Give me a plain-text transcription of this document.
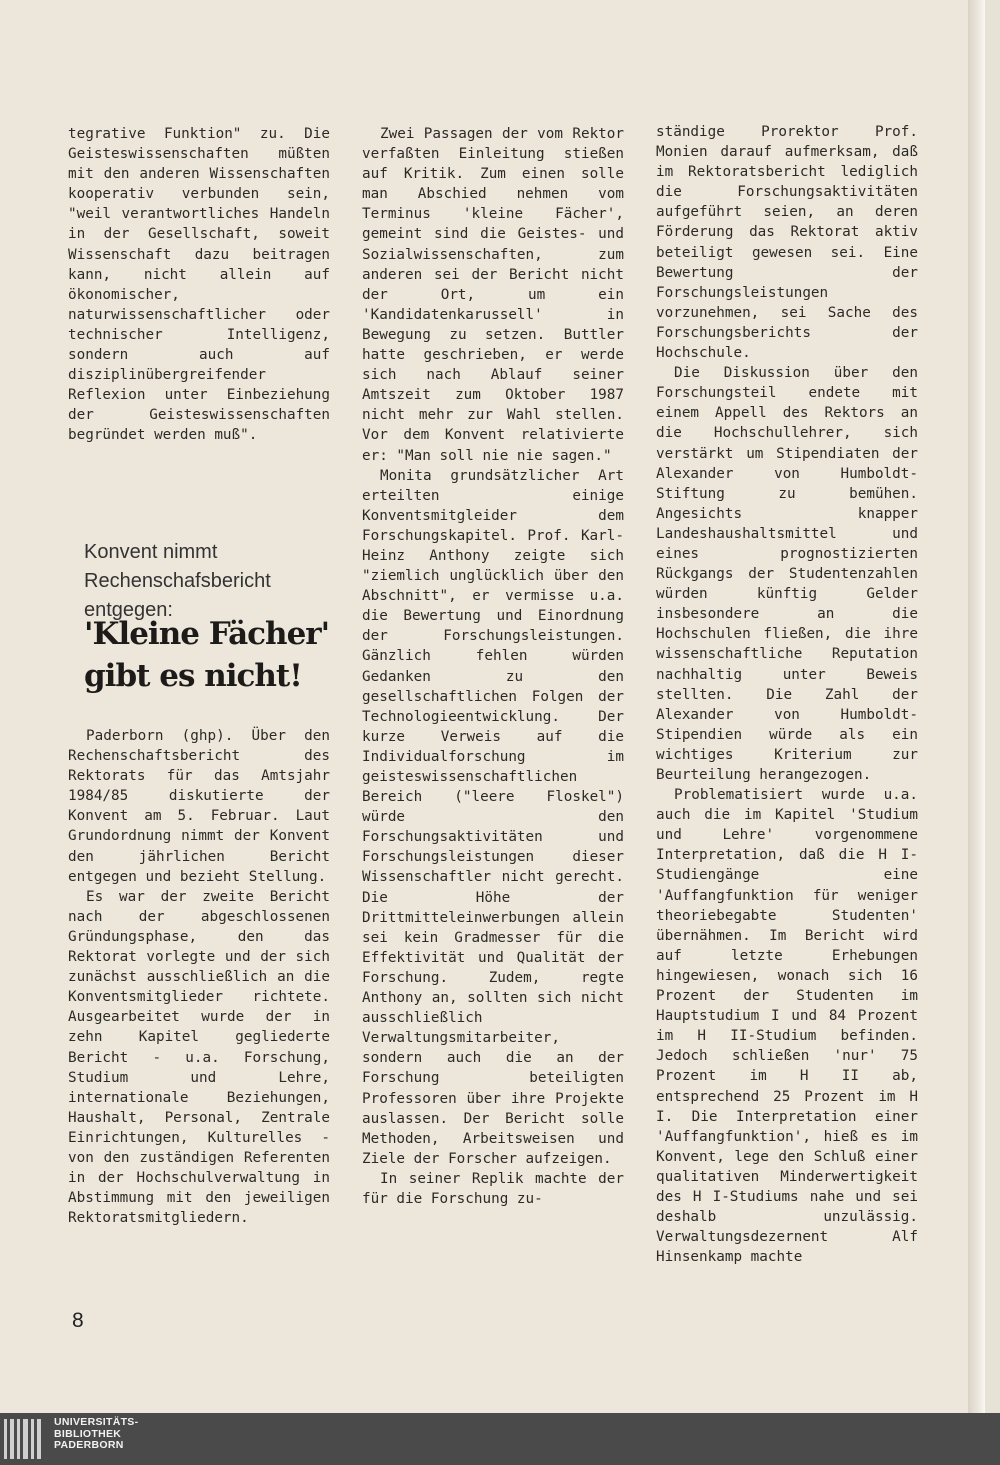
tegrative Funktion" zu. Die Geisteswissenschaften müßten mit den anderen Wissenschaften kooperativ verbunden sein, "weil verantwortliches Handeln in der Gesellschaft, soweit Wissenschaft dazu beitragen kann, nicht allein auf ökonomischer, naturwissenschaftlicher oder technischer Intelligenz, sondern auch auf disziplinübergreifender Reflexion unter Einbeziehung der Geisteswissenschaften begründet werden muß".

Konvent nimmt Rechenschafsbericht entgegen:
'Kleine Fächer' gibt es nicht!

Paderborn (ghp). Über den Rechenschaftsbericht des Rektorats für das Amtsjahr 1984/85 diskutierte der Konvent am 5. Februar. Laut Grundordnung nimmt der Konvent den jährlichen Bericht entgegen und bezieht Stellung.

Es war der zweite Bericht nach der abgeschlossenen Gründungsphase, den das Rektorat vorlegte und der sich zunächst ausschließlich an die Konventsmitglieder richtete. Ausgearbeitet wurde der in zehn Kapitel gegliederte Bericht - u.a. Forschung, Studium und Lehre, internationale Beziehungen, Haushalt, Personal, Zentrale Einrichtungen, Kulturelles - von den zuständigen Referenten in der Hochschulverwaltung in Abstimmung mit den jeweiligen Rektoratsmitgliedern.

Zwei Passagen der vom Rektor verfaßten Einleitung stießen auf Kritik. Zum einen solle man Abschied nehmen vom Terminus 'kleine Fächer', gemeint sind die Geistes- und Sozialwissenschaften, zum anderen sei der Bericht nicht der Ort, um ein 'Kandidatenkarussell' in Bewegung zu setzen. Buttler hatte geschrieben, er werde sich nach Ablauf seiner Amtszeit zum Oktober 1987 nicht mehr zur Wahl stellen. Vor dem Konvent relativierte er: "Man soll nie nie sagen."

Monita grundsätzlicher Art erteilten einige Konventsmitgleider dem Forschungskapitel. Prof. Karl-Heinz Anthony zeigte sich "ziemlich unglücklich über den Abschnitt", er vermisse u.a. die Bewertung und Einordnung der Forschungsleistungen. Gänzlich fehlen würden Gedanken zu den gesellschaftlichen Folgen der Technologieentwicklung. Der kurze Verweis auf die Individualforschung im geisteswissenschaftlichen Bereich ("leere Floskel") würde den Forschungsaktivitäten und Forschungsleistungen dieser Wissenschaftler nicht gerecht. Die Höhe der Drittmitteleinwerbungen allein sei kein Gradmesser für die Effektivität und Qualität der Forschung. Zudem, regte Anthony an, sollten sich nicht ausschließlich Verwaltungsmitarbeiter, sondern auch die an der Forschung beteiligten Professoren über ihre Projekte auslassen. Der Bericht solle Methoden, Arbeitsweisen und Ziele der Forscher aufzeigen.

In seiner Replik machte der für die Forschung zu-

ständige Prorektor Prof. Monien darauf aufmerksam, daß im Rektoratsbericht lediglich die Forschungsaktivitäten aufgeführt seien, an deren Förderung das Rektorat aktiv beteiligt gewesen sei. Eine Bewertung der Forschungsleistungen vorzunehmen, sei Sache des Forschungsberichts der Hochschule.

Die Diskussion über den Forschungsteil endete mit einem Appell des Rektors an die Hochschullehrer, sich verstärkt um Stipendiaten der Alexander von Humboldt-Stiftung zu bemühen. Angesichts knapper Landeshaushaltsmittel und eines prognostizierten Rückgangs der Studentenzahlen würden künftig Gelder insbesondere an die Hochschulen fließen, die ihre wissenschaftliche Reputation nachhaltig unter Beweis stellten. Die Zahl der Alexander von Humboldt-Stipendien würde als ein wichtiges Kriterium zur Beurteilung herangezogen.

Problematisiert wurde u.a. auch die im Kapitel 'Studium und Lehre' vorgenommene Interpretation, daß die H I-Studiengänge eine 'Auffangfunktion für weniger theoriebegabte Studenten' übernähmen. Im Bericht wird auf letzte Erhebungen hingewiesen, wonach sich 16 Prozent der Studenten im Hauptstudium I und 84 Prozent im H II-Studium befinden. Jedoch schließen 'nur' 75 Prozent im H II ab, entsprechend 25 Prozent im H I. Die Interpretation einer 'Auffangfunktion', hieß es im Konvent, lege den Schluß einer qualitativen Minderwertigkeit des H I-Studiums nahe und sei deshalb unzulässig. Verwaltungsdezernent Alf Hinsenkamp machte

8
UNIVERSITÄTS-
BIBLIOTHEK
PADERBORN
